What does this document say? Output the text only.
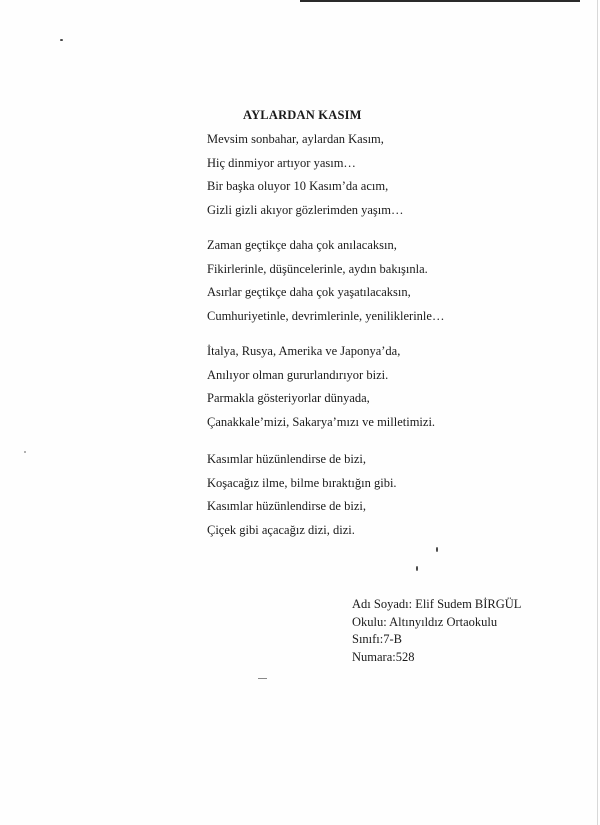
AYLARDAN KASIM
Mevsim sonbahar, aylardan Kasım,
Hiç dinmiyor artıyor yasım…
Bir başka oluyor 10 Kasım’da acım,
Gizli gizli akıyor gözlerimden yaşım…
Zaman geçtikçe daha çok anılacaksın,
Fikirlerinle, düşüncelerinle, aydın bakışınla.
Asırlar geçtikçe daha çok yaşatılacaksın,
Cumhuriyetinle, devrimlerinle, yeniliklerinle…
İtalya, Rusya, Amerika ve Japonya’da,
Anılıyor olman gururlandırıyor bizi.
Parmakla gösteriyorlar dünyada,
Çanakkale’mizi, Sakarya’mızı ve milletimizi.
Kasımlar hüzünlendirse de bizi,
Koşacağız ilme, bilme bıraktığın gibi.
Kasımlar hüzünlendirse de bizi,
Çiçek gibi açacağız dizi, dizi.
Adı Soyadı: Elif Sudem BİRGÜL
Okulu: Altınyıldız Ortaokulu
Sınıfı:7-B
Numara:528
